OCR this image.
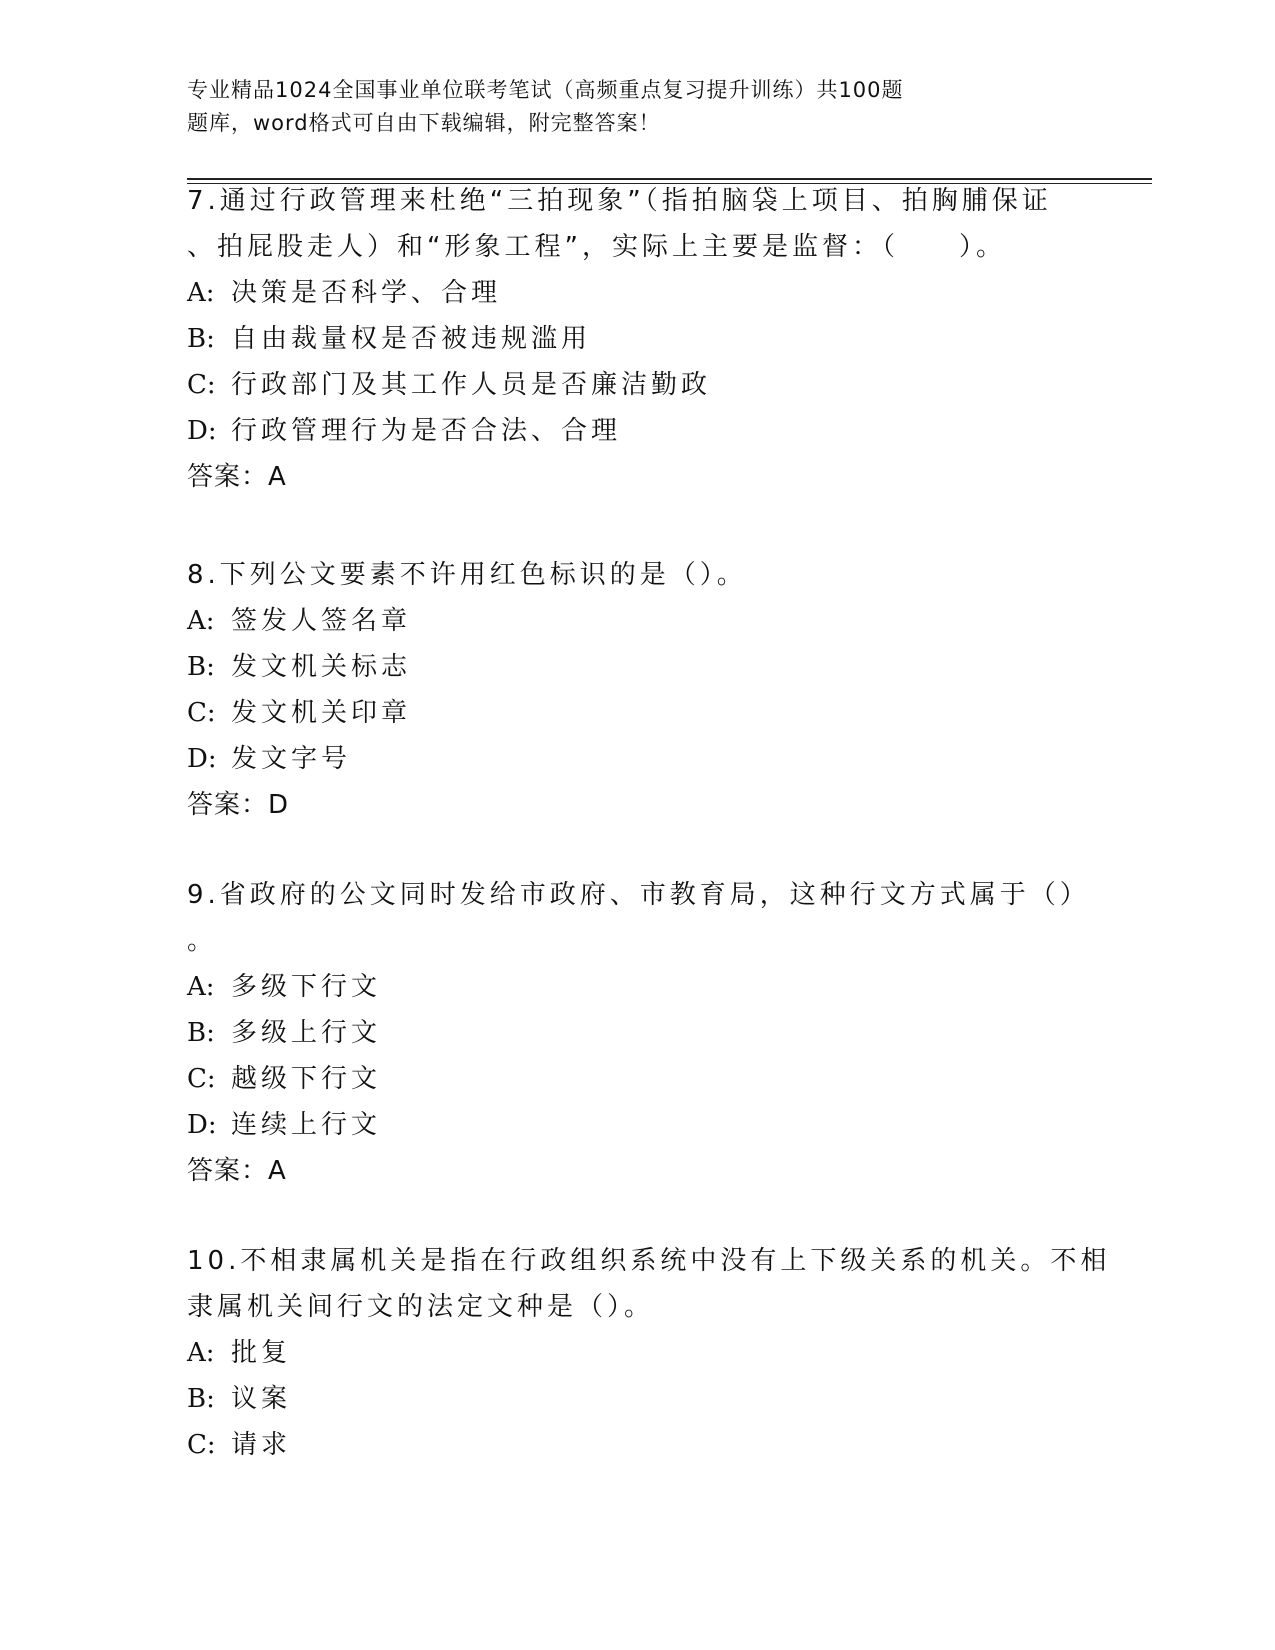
专业精品1024全国事业单位联考笔试（高频重点复习提升训练）共100题
题库，word格式可自由下载编辑，附完整答案！
7.通过行政管理来杜绝“三拍现象”（指拍脑袋上项目、拍胸脯保证
、拍屁股走人）和“形象工程”，实际上主要是监督：（　　）。
A: 决策是否科学、合理
B: 自由裁量权是否被违规滥用
C: 行政部门及其工作人员是否廉洁勤政
D: 行政管理行为是否合法、合理
答案：A
8.下列公文要素不许用红色标识的是（）。
A: 签发人签名章
B: 发文机关标志
C: 发文机关印章
D: 发文字号
答案：D
9.省政府的公文同时发给市政府、市教育局，这种行文方式属于（）
。
A: 多级下行文
B: 多级上行文
C: 越级下行文
D: 连续上行文
答案：A
10.不相隶属机关是指在行政组织系统中没有上下级关系的机关。不相
隶属机关间行文的法定文种是（）。
A: 批复
B: 议案
C: 请求
